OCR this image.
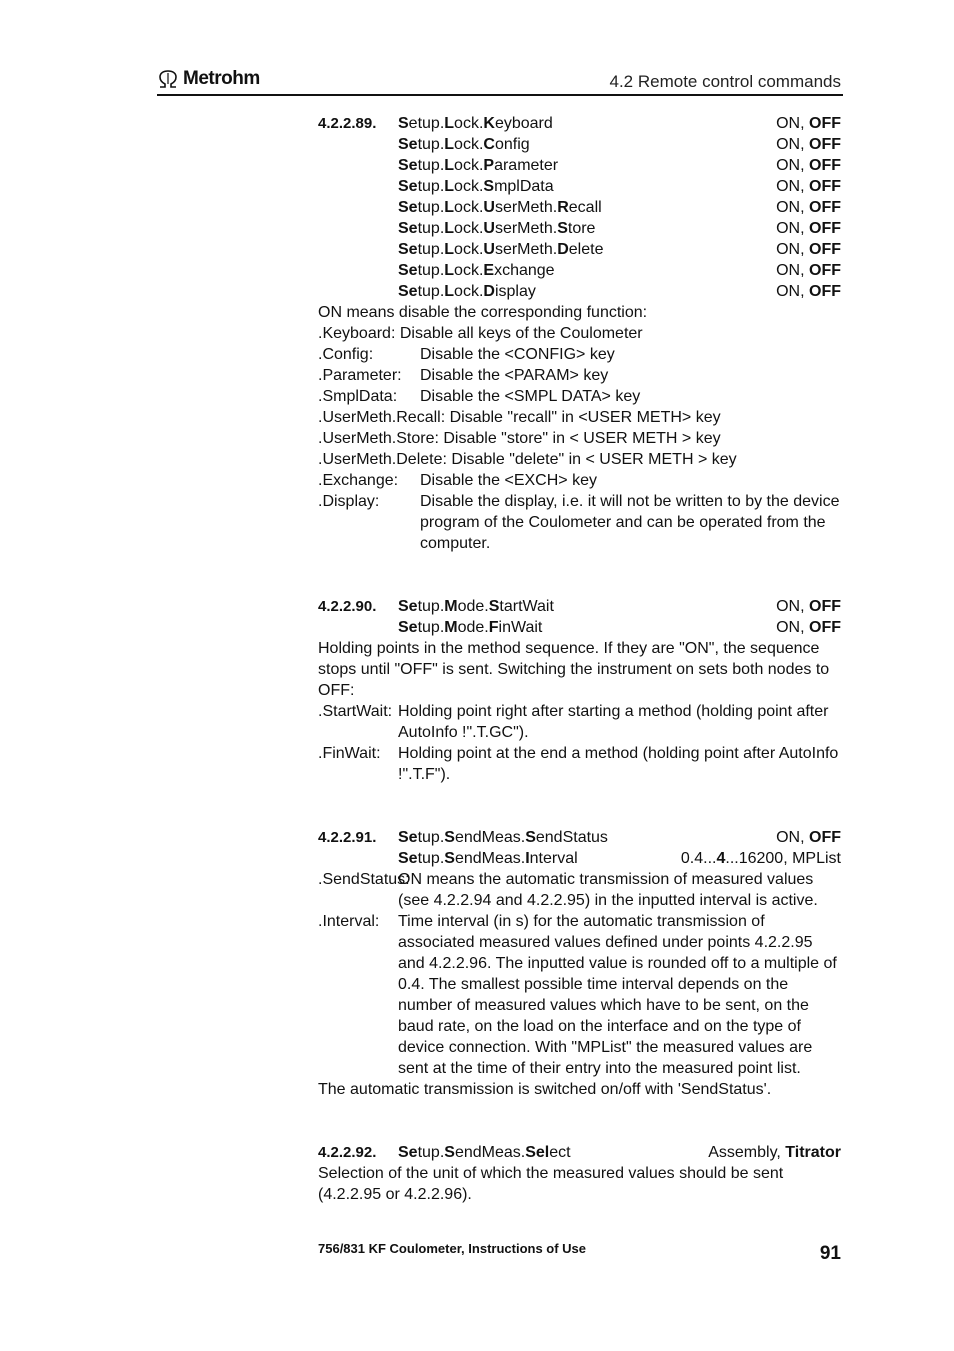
Metrohm	4.2 Remote control commands
4.2.2.89. Setup.Lock.Keyboard	ON, OFF
Setup.Lock.Config	ON, OFF
Setup.Lock.Parameter	ON, OFF
Setup.Lock.SmplData	ON, OFF
Setup.Lock.UserMeth.Recall	ON, OFF
Setup.Lock.UserMeth.Store	ON, OFF
Setup.Lock.UserMeth.Delete	ON, OFF
Setup.Lock.Exchange	ON, OFF
Setup.Lock.Display	ON, OFF
ON means disable the corresponding function:
.Keyboard: Disable all keys of the Coulometer
.Config:	Disable the <CONFIG> key
.Parameter:	Disable the <PARAM> key
.SmplData:	Disable the <SMPL DATA> key
.UserMeth.Recall: Disable "recall" in <USER METH> key
.UserMeth.Store: Disable "store" in < USER METH > key
.UserMeth.Delete: Disable "delete" in < USER METH > key
.Exchange:	Disable the <EXCH> key
.Display:	Disable the display, i.e. it will not be written to by the device program of the Coulometer and can be operated from the computer.
4.2.2.90. Setup.Mode.StartWait	ON, OFF
Setup.Mode.FinWait	ON, OFF
Holding points in the method sequence. If they are "ON", the sequence stops until "OFF" is sent. Switching the instrument on sets both nodes to OFF:
.StartWait: Holding point right after starting a method (holding point after AutoInfo !".T.GC").
.FinWait:	Holding point at the end a method (holding point after AutoInfo !".T.F").
4.2.2.91. Setup.SendMeas.SendStatus	ON, OFF
Setup.SendMeas.Interval	0.4...4...16200, MPList
.SendStatus:
ON means the automatic transmission of measured values (see 4.2.2.94 and 4.2.2.95) in the inputted interval is active.
.Interval:	Time interval (in s) for the automatic transmission of associated measured values defined under points 4.2.2.95 and 4.2.2.96. The inputted value is rounded off to a multiple of 0.4. The smallest possible time interval depends on the number of measured values which have to be sent, on the baud rate, on the load on the interface and on the type of device connection. With "MPList" the measured values are sent at the time of their entry into the measured point list.
The automatic transmission is switched on/off with 'SendStatus'.
4.2.2.92. Setup.SendMeas.Select	Assembly, Titrator
Selection of the unit of which the measured values should be sent (4.2.2.95 or 4.2.2.96).
756/831 KF Coulometer, Instructions of Use	91
